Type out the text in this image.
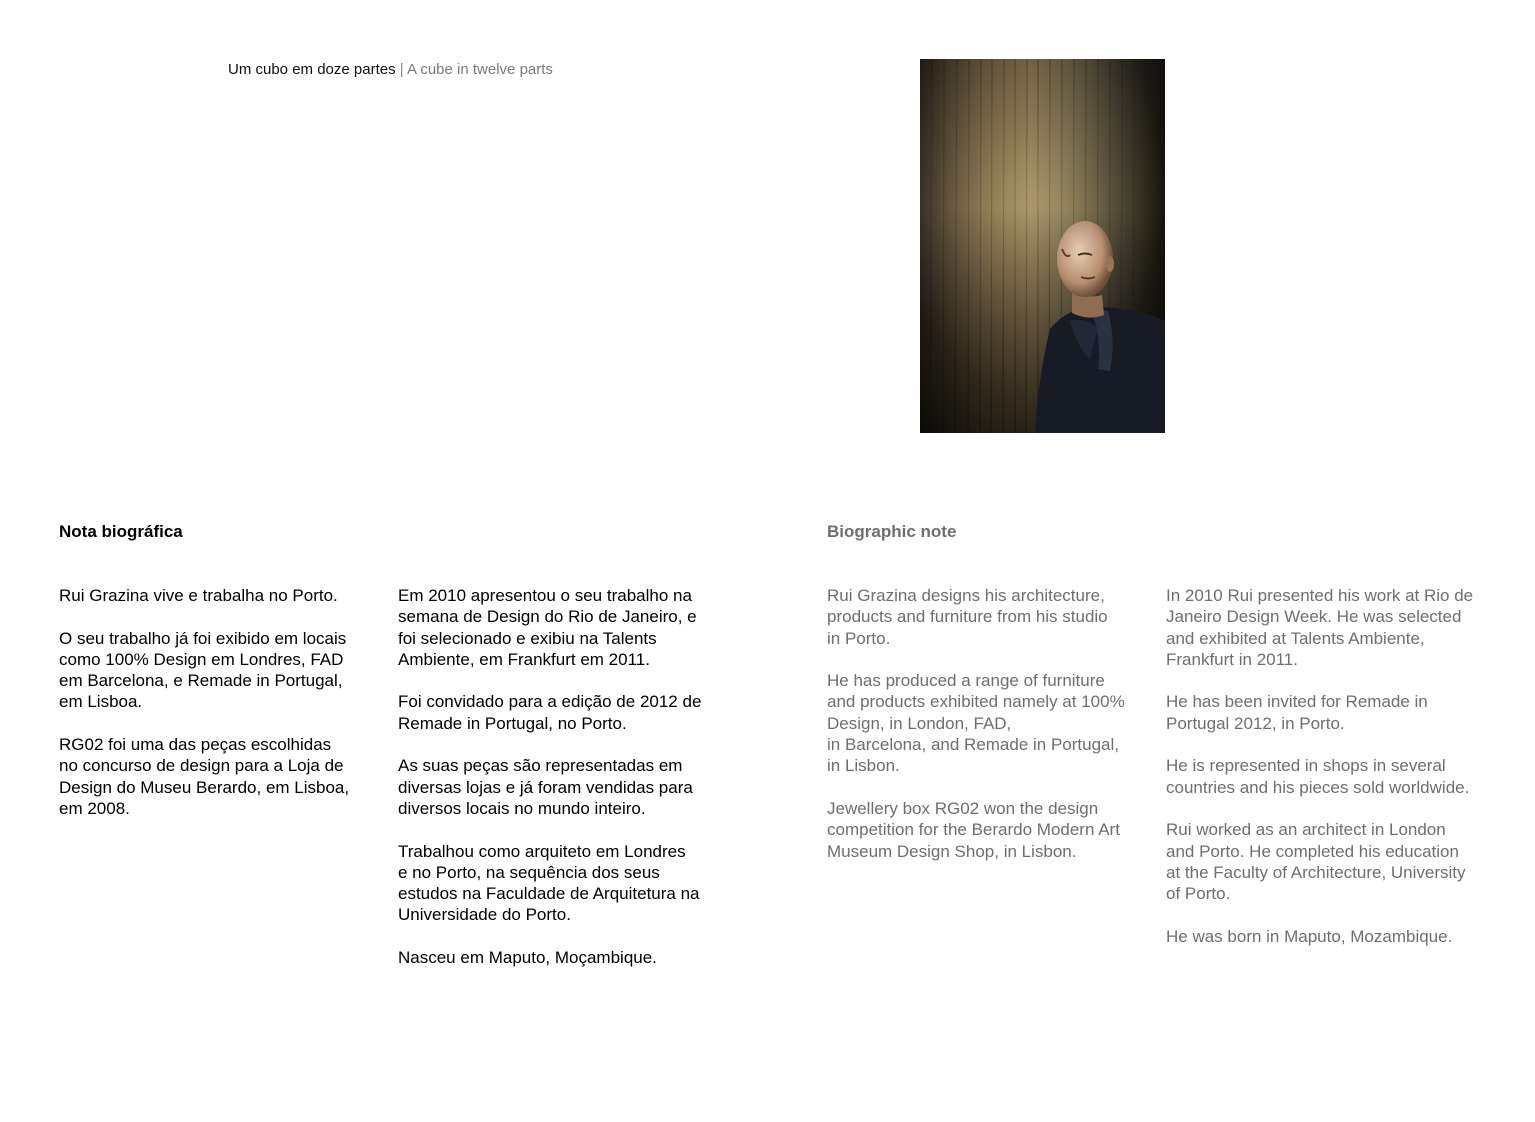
Um cubo em doze partes | A cube in twelve parts
Nota biográfica	Biographic note

Rui Grazina vive e trabalha no Porto.

O seu trabalho já foi exibido em locais
como 100% Design em Londres, FAD
em Barcelona, e Remade in Portugal,
em Lisboa.

RG02 foi uma das peças escolhidas
no concurso de design para a Loja de
Design do Museu Berardo, em Lisboa,
em 2008.

Em 2010 apresentou o seu trabalho na
semana de Design do Rio de Janeiro, e
foi selecionado e exibiu na Talents
Ambiente, em Frankfurt em 2011.

Foi convidado para a edição de 2012 de
Remade in Portugal, no Porto.

As suas peças são representadas em
diversas lojas e já foram vendidas para
diversos locais no mundo inteiro.

Trabalhou como arquiteto em Londres
e no Porto, na sequência dos seus
estudos na Faculdade de Arquitetura na
Universidade do Porto.

Nasceu em Maputo, Moçambique.

Rui Grazina designs his architecture,
products and furniture from his studio
in Porto.

He has produced a range of furniture
and products exhibited namely at 100%
Design, in London, FAD,
in Barcelona, and Remade in Portugal,
in Lisbon.

Jewellery box RG02 won the design
competition for the Berardo Modern Art
Museum Design Shop, in Lisbon.

In 2010 Rui presented his work at Rio de
Janeiro Design Week. He was selected
and exhibited at Talents Ambiente,
Frankfurt in 2011.

He has been invited for Remade in
Portugal 2012, in Porto.

He is represented in shops in several
countries and his pieces sold worldwide.

Rui worked as an architect in London
and Porto. He completed his education
at the Faculty of Architecture, University
of Porto.

He was born in Maputo, Mozambique.
